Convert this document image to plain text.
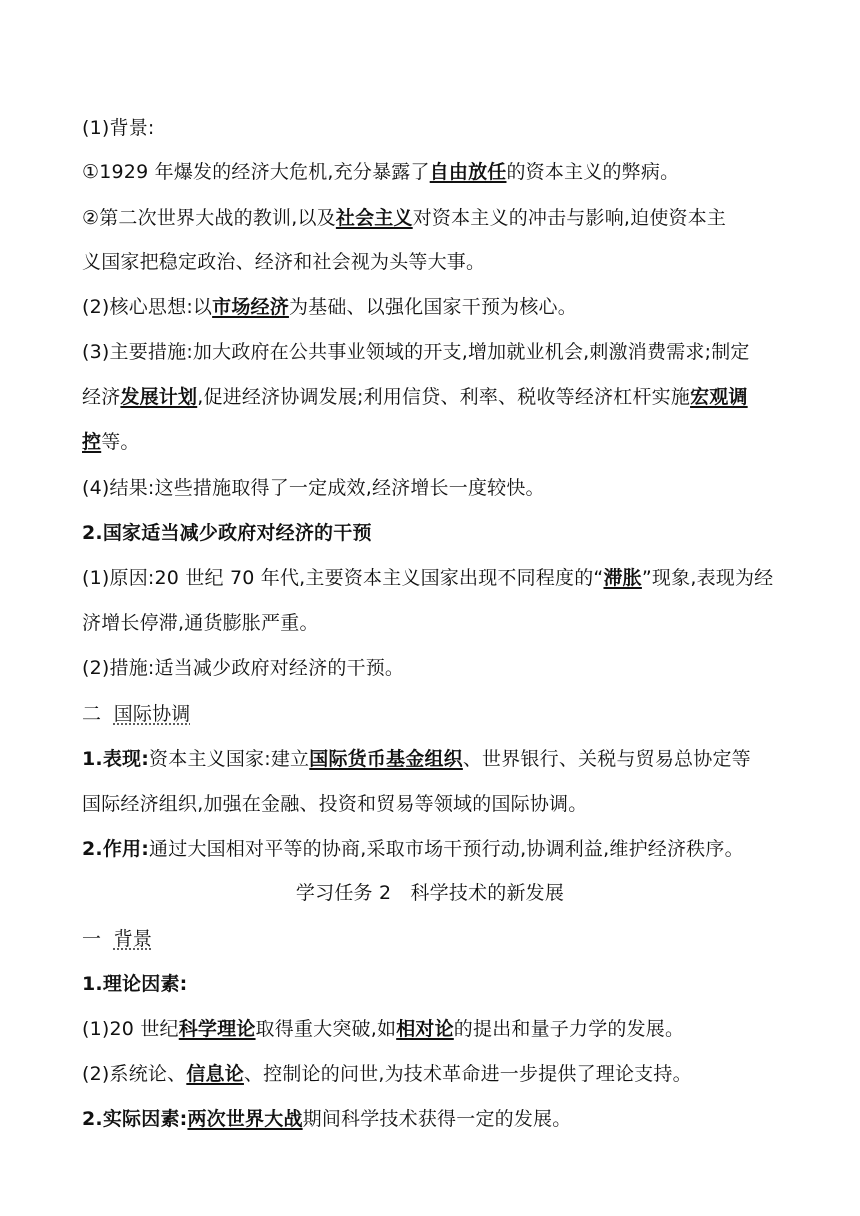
(1)背景:
①1929 年爆发的经济大危机,充分暴露了自由放任的资本主义的弊病。
②第二次世界大战的教训,以及社会主义对资本主义的冲击与影响,迫使资本主
义国家把稳定政治、经济和社会视为头等大事。
(2)核心思想:以市场经济为基础、以强化国家干预为核心。
(3)主要措施:加大政府在公共事业领域的开支,增加就业机会,刺激消费需求;制定
经济发展计划,促进经济协调发展;利用信贷、利率、税收等经济杠杆实施宏观调
控等。
(4)结果:这些措施取得了一定成效,经济增长一度较快。
2.国家适当减少政府对经济的干预
(1)原因:20 世纪 70 年代,主要资本主义国家出现不同程度的“滞胀”现象,表现为经
济增长停滞,通货膨胀严重。
(2)措施:适当减少政府对经济的干预。
二 国际协调
1.表现:资本主义国家:建立国际货币基金组织、世界银行、关税与贸易总协定等
国际经济组织,加强在金融、投资和贸易等领域的国际协调。
2.作用:通过大国相对平等的协商,采取市场干预行动,协调利益,维护经济秩序。
学习任务 2　科学技术的新发展
一 背景
1.理论因素:
(1)20 世纪科学理论取得重大突破,如相对论的提出和量子力学的发展。
(2)系统论、信息论、控制论的问世,为技术革命进一步提供了理论支持。
2.实际因素:两次世界大战期间科学技术获得一定的发展。
